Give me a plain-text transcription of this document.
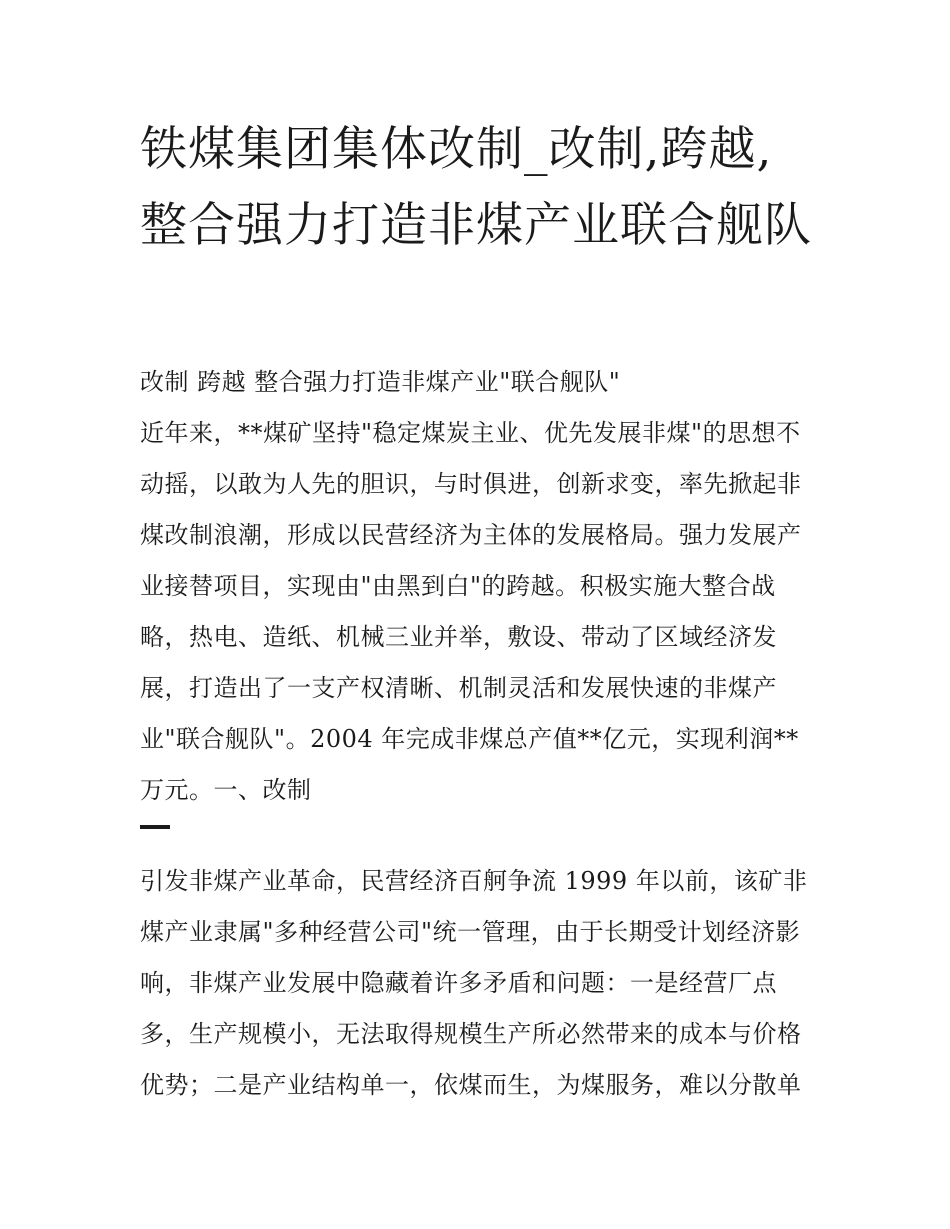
铁煤集团集体改制_改制,跨越,整合强力打造非煤产业联合舰队

改制 跨越 整合强力打造非煤产业"联合舰队"

近年来，**煤矿坚持"稳定煤炭主业、优先发展非煤"的思想不动摇，以敢为人先的胆识，与时俱进，创新求变，率先掀起非煤改制浪潮，形成以民营经济为主体的发展格局。强力发展产业接替项目，实现由"由黑到白"的跨越。积极实施大整合战略，热电、造纸、机械三业并举，敷设、带动了区域经济发展，打造出了一支产权清晰、机制灵活和发展快速的非煤产业"联合舰队"。2004 年完成非煤总产值**亿元，实现利润**万元。一、改制

引发非煤产业革命，民营经济百舸争流 1999 年以前，该矿非煤产业隶属"多种经营公司"统一管理，由于长期受计划经济影响，非煤产业发展中隐藏着许多矛盾和问题：一是经营厂点多，生产规模小，无法取得规模生产所必然带来的成本与价格优势；二是产业结构单一，依煤而生，为煤服务，难以分散单
